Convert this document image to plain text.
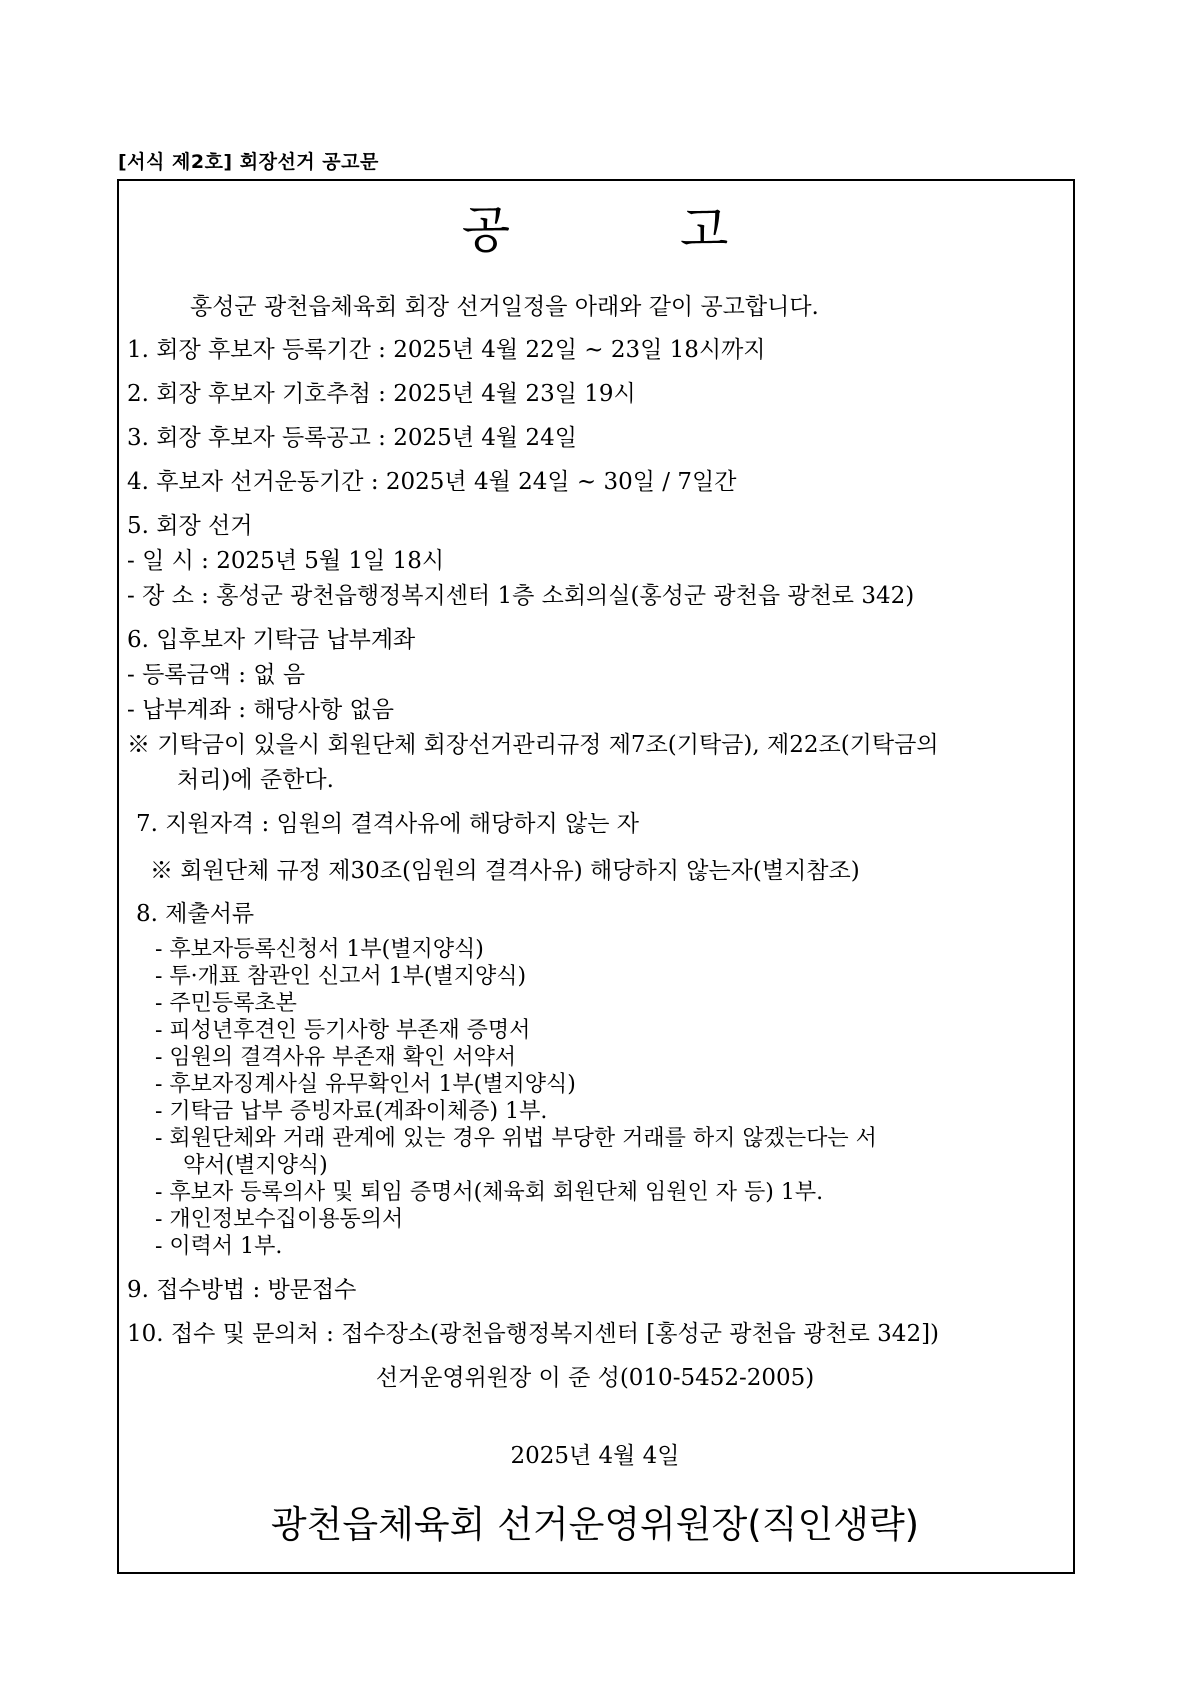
[서식 제2호] 회장선거 공고문
공	고
홍성군 광천읍체육회 회장 선거일정을 아래와 같이 공고합니다.
1. 회장 후보자 등록기간 : 2025년 4월 22일 ~ 23일 18시까지
2. 회장 후보자 기호추첨 : 2025년 4월 23일 19시
3. 회장 후보자 등록공고 : 2025년 4월 24일
4. 후보자 선거운동기간 : 2025년 4월 24일 ~ 30일 / 7일간
5. 회장 선거
- 일 시 : 2025년 5월 1일 18시
- 장 소 : 홍성군 광천읍행정복지센터 1층 소회의실(홍성군 광천읍 광천로 342)
6. 입후보자 기탁금 납부계좌
- 등록금액 : 없 음
- 납부계좌 : 해당사항 없음
※ 기탁금이 있을시 회원단체 회장선거관리규정 제7조(기탁금), 제22조(기탁금의
처리)에 준한다.
7. 지원자격 : 임원의 결격사유에 해당하지 않는 자
※ 회원단체 규정 제30조(임원의 결격사유) 해당하지 않는자(별지참조)
8. 제출서류
- 후보자등록신청서 1부(별지양식)
- 투·개표 참관인 신고서 1부(별지양식)
- 주민등록초본
- 피성년후견인 등기사항 부존재 증명서
- 임원의 결격사유 부존재 확인 서약서
- 후보자징계사실 유무확인서 1부(별지양식)
- 기탁금 납부 증빙자료(계좌이체증) 1부.
- 회원단체와 거래 관계에 있는 경우 위법 부당한 거래를 하지 않겠는다는 서
약서(별지양식)
- 후보자 등록의사 및 퇴임 증명서(체육회 회원단체 임원인 자 등) 1부.
- 개인정보수집이용동의서
- 이력서 1부.
9. 접수방법 : 방문접수
10. 접수 및 문의처 : 접수장소(광천읍행정복지센터 [홍성군 광천읍 광천로 342])
선거운영위원장 이 준 성(010-5452-2005)
2025년 4월 4일
광천읍체육회 선거운영위원장(직인생략)
